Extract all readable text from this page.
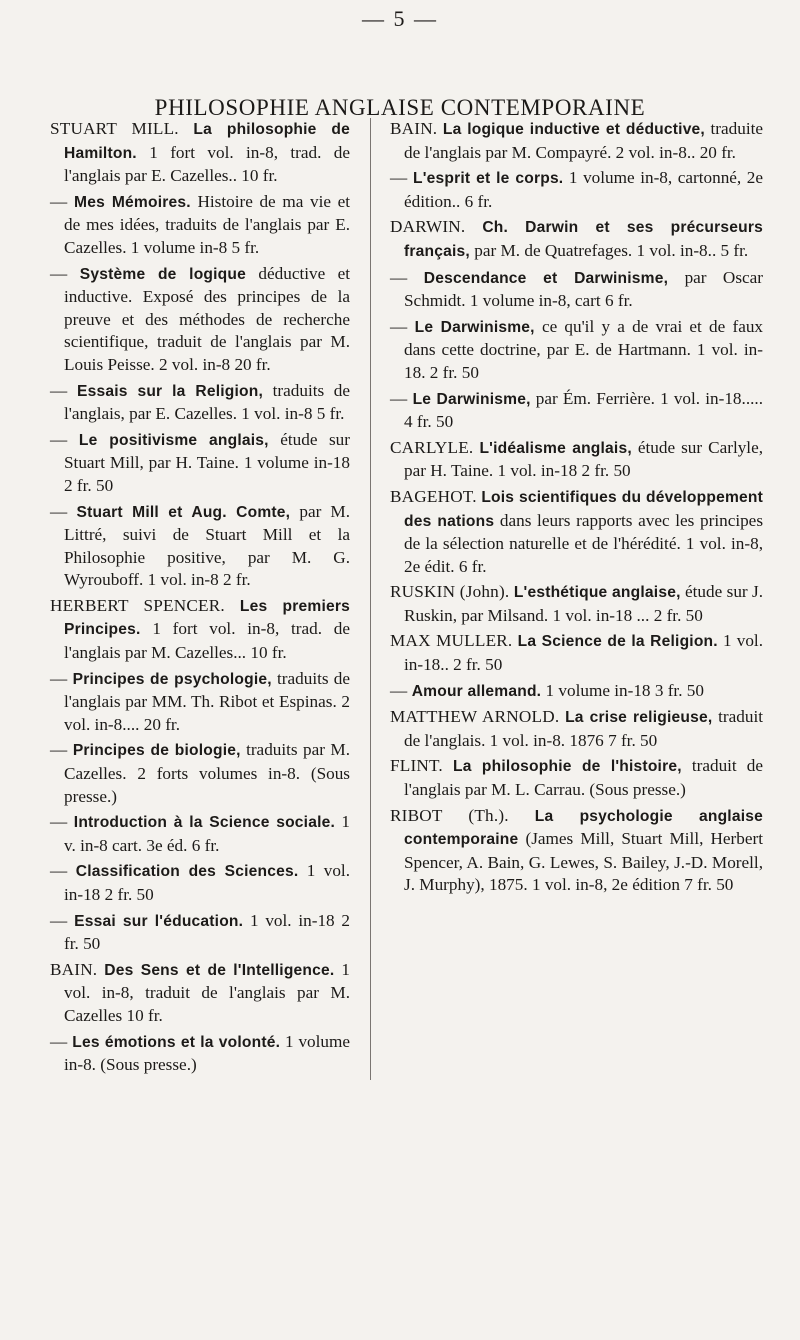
— 5 —
PHILOSOPHIE ANGLAISE CONTEMPORAINE

STUART MILL. La philosophie de Hamilton. 1 fort vol. in-8, trad. de l'anglais par E. Cazelles.. 10 fr.

— Mes Mémoires. Histoire de ma vie et de mes idées, traduits de l'anglais par E. Cazelles. 1 volume in-8 5 fr.

— Système de logique déductive et inductive. Exposé des principes de la preuve et des méthodes de recherche scientifique, traduit de l'anglais par M. Louis Peisse. 2 vol. in-8 20 fr.

— Essais sur la Religion, traduits de l'anglais, par E. Cazelles. 1 vol. in-8 5 fr.

— Le positivisme anglais, étude sur Stuart Mill, par H. Taine. 1 volume in-18 2 fr. 50

— Stuart Mill et Aug. Comte, par M. Littré, suivi de Stuart Mill et la Philosophie positive, par M. G. Wyrouboff. 1 vol. in-8 2 fr.

HERBERT SPENCER. Les premiers Principes. 1 fort vol. in-8, trad. de l'anglais par M. Cazelles... 10 fr.

— Principes de psychologie, traduits de l'anglais par MM. Th. Ribot et Espinas. 2 vol. in-8.... 20 fr.

— Principes de biologie, traduits par M. Cazelles. 2 forts volumes in-8. (Sous presse.)

— Introduction à la Science sociale. 1 v. in-8 cart. 3e éd. 6 fr.

— Classification des Sciences. 1 vol. in-18 2 fr. 50

— Essai sur l'éducation. 1 vol. in-18 2 fr. 50

BAIN. Des Sens et de l'Intelligence. 1 vol. in-8, traduit de l'anglais par M. Cazelles 10 fr.

— Les émotions et la volonté. 1 volume in-8. (Sous presse.)

BAIN. La logique inductive et déductive, traduite de l'anglais par M. Compayré. 2 vol. in-8.. 20 fr.

— L'esprit et le corps. 1 volume in-8, cartonné, 2e édition.. 6 fr.

DARWIN. Ch. Darwin et ses précurseurs français, par M. de Quatrefages. 1 vol. in-8.. 5 fr.

— Descendance et Darwinisme, par Oscar Schmidt. 1 volume in-8, cart 6 fr.

— Le Darwinisme, ce qu'il y a de vrai et de faux dans cette doctrine, par E. de Hartmann. 1 vol. in-18. 2 fr. 50

— Le Darwinisme, par Ém. Ferrière. 1 vol. in-18..... 4 fr. 50

CARLYLE. L'idéalisme anglais, étude sur Carlyle, par H. Taine. 1 vol. in-18 2 fr. 50

BAGEHOT. Lois scientifiques du développement des nations dans leurs rapports avec les principes de la sélection naturelle et de l'hérédité. 1 vol. in-8, 2e édit. 6 fr.

RUSKIN (John). L'esthétique anglaise, étude sur J. Ruskin, par Milsand. 1 vol. in-18 ... 2 fr. 50

MAX MULLER. La Science de la Religion. 1 vol. in-18.. 2 fr. 50

— Amour allemand. 1 volume in-18 3 fr. 50

MATTHEW ARNOLD. La crise religieuse, traduit de l'anglais. 1 vol. in-8. 1876 7 fr. 50

FLINT. La philosophie de l'histoire, traduit de l'anglais par M. L. Carrau. (Sous presse.)

RIBOT (Th.). La psychologie anglaise contemporaine (James Mill, Stuart Mill, Herbert Spencer, A. Bain, G. Lewes, S. Bailey, J.-D. Morell, J. Murphy), 1875. 1 vol. in-8, 2e édition 7 fr. 50
